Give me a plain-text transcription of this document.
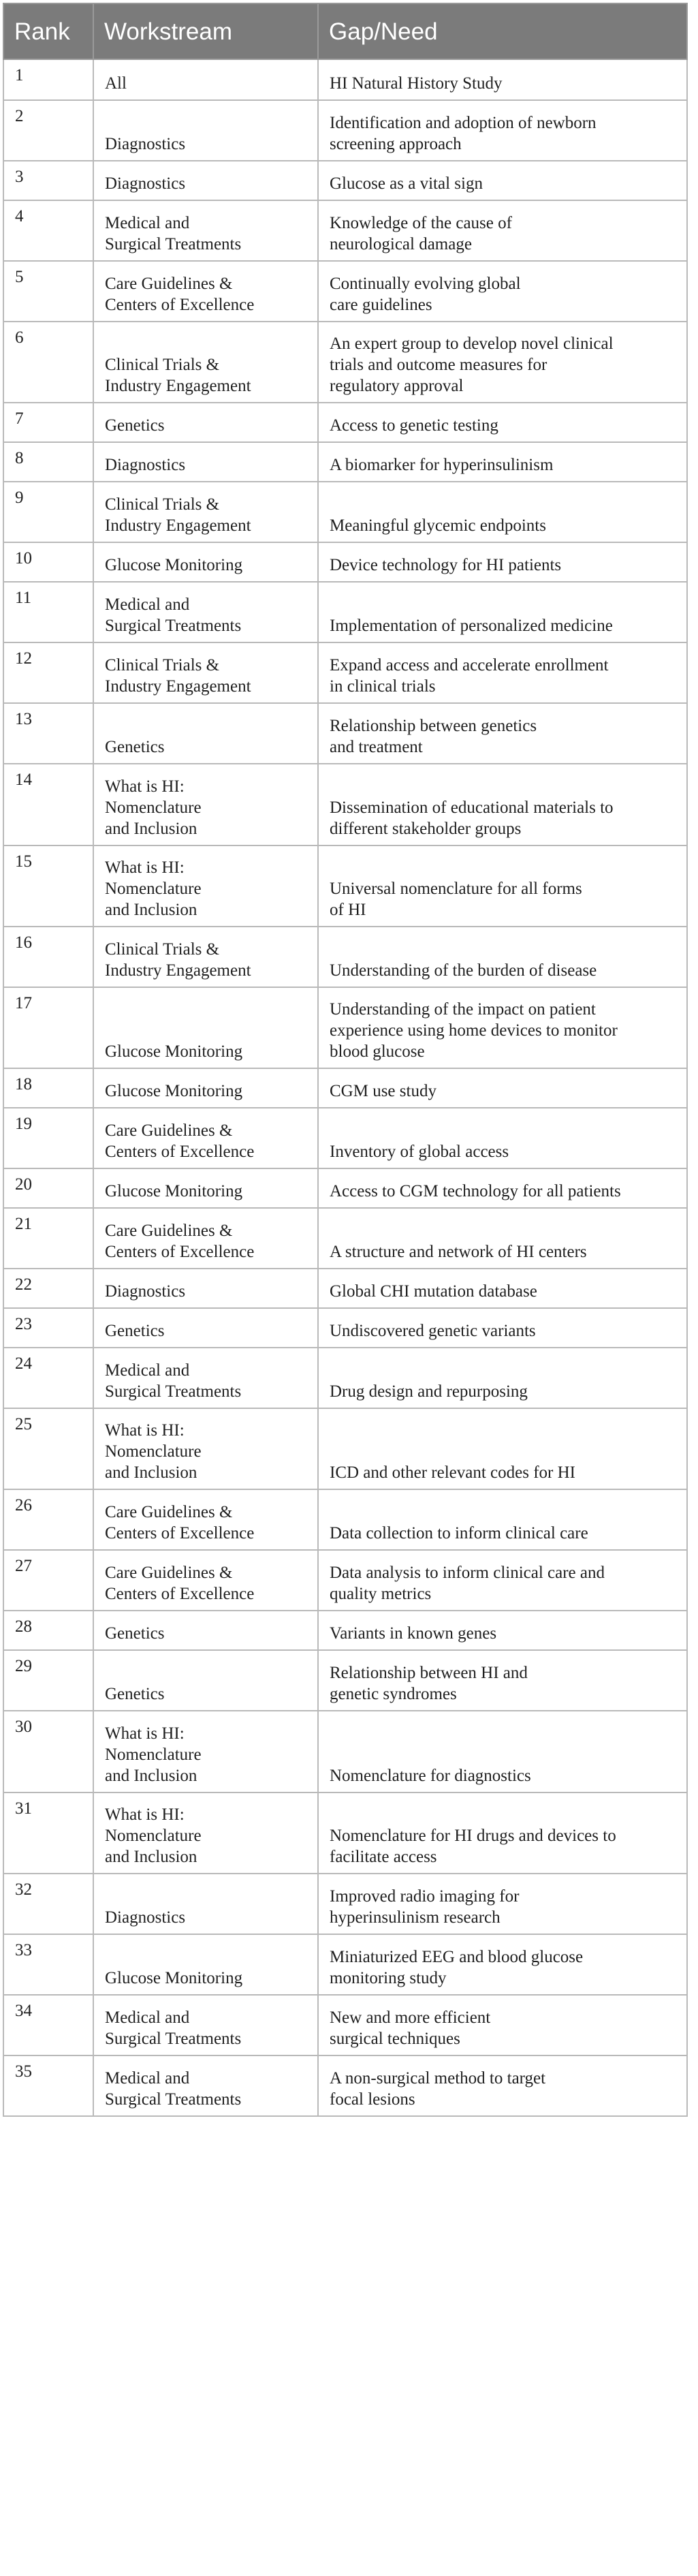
Rank	Workstream	Gap/Need
1	All	HI Natural History Study
2	Diagnostics	Identification and adoption of newborn
screening approach
3	Diagnostics	Glucose as a vital sign
4	Medical and
Surgical Treatments	Knowledge of the cause of
neurological damage
5	Care Guidelines &
Centers of Excellence	Continually evolving global
care guidelines
6	Clinical Trials &
Industry Engagement	An expert group to develop novel clinical
trials and outcome measures for
regulatory approval
7	Genetics	Access to genetic testing
8	Diagnostics	A biomarker for hyperinsulinism
9	Clinical Trials &
Industry Engagement	Meaningful glycemic endpoints
10	Glucose Monitoring	Device technology for HI patients
11	Medical and
Surgical Treatments	Implementation of personalized medicine
12	Clinical Trials &
Industry Engagement	Expand access and accelerate enrollment
in clinical trials
13	Genetics	Relationship between genetics
and treatment
14	What is HI:
Nomenclature
and Inclusion	Dissemination of educational materials to
different stakeholder groups
15	What is HI:
Nomenclature
and Inclusion	Universal nomenclature for all forms
of HI
16	Clinical Trials &
Industry Engagement	Understanding of the burden of disease
17	Glucose Monitoring	Understanding of the impact on patient
experience using home devices to monitor
blood glucose
18	Glucose Monitoring	CGM use study
19	Care Guidelines &
Centers of Excellence	Inventory of global access
20	Glucose Monitoring	Access to CGM technology for all patients
21	Care Guidelines &
Centers of Excellence	A structure and network of HI centers
22	Diagnostics	Global CHI mutation database
23	Genetics	Undiscovered genetic variants
24	Medical and
Surgical Treatments	Drug design and repurposing
25	What is HI:
Nomenclature
and Inclusion	ICD and other relevant codes for HI
26	Care Guidelines &
Centers of Excellence	Data collection to inform clinical care
27	Care Guidelines &
Centers of Excellence	Data analysis to inform clinical care and
quality metrics
28	Genetics	Variants in known genes
29	Genetics	Relationship between HI and
genetic syndromes
30	What is HI:
Nomenclature
and Inclusion	Nomenclature for diagnostics
31	What is HI:
Nomenclature
and Inclusion	Nomenclature for HI drugs and devices to
facilitate access
32	Diagnostics	Improved radio imaging for
hyperinsulinism research
33	Glucose Monitoring	Miniaturized EEG and blood glucose
monitoring study
34	Medical and
Surgical Treatments	New and more efficient
surgical techniques
35	Medical and
Surgical Treatments	A non-surgical method to target
focal lesions
